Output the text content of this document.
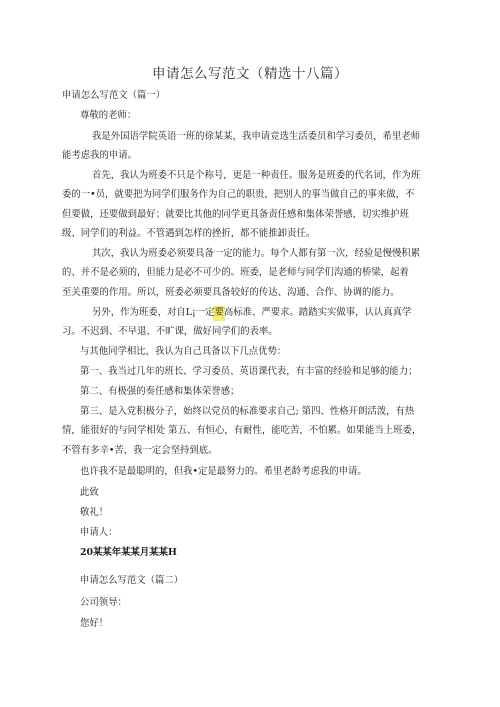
申请怎么写范文（精选十八篇）
申请怎么写范文（篇一）
尊敬的老师：
我是外国语学院英语一班的徐某某，我申请竞选生活委员和学习委员，希里老师
能考虑我的申请。
首先，我认为班委不只是个称号，更是一种责任。服务是班委的代名词，作为班
委的一•员，就要把为同学们服务作为自己的职贵，把别人的事当做自己的事来做，不
但要做，还要做到最好；就要比其他的同学更具备责任感和集体荣誉感，切实维护班
级、同学们的利益。不管遇到怎样的挫折，都不能推卸责任。
其次，我认为班委必须要具备一定的能力。每个人都有第一次，经验是慢慢积累
的、并不是必须的，但能力是必不可少的。班委，是老师与同学们沟通的桥梁，起着
至关重要的作用。所以，班委必须要具备较好的传达、沟通、合作、协调的能力。
另外，作为班委，对自L¡一定要高标准、严要求。踏踏实实做事，认认真真学
习。不迟到、不早退、不旷课，做好同学们的表率。
与其他同学相比，我认为自己具备以下几点优势：
第一、我当过几年的班长、学习委员、英语课代表，有丰富的经验和足够的能力；
第二、有极强的奏任感和集体荣誉感；
第三、是入党积极分子，始终以党员的标准要求自己; 第四、性格开朗活泼，有热
情，能很好的与同学相处 第五、有恒心，有耐性，能吃苦，不怕累。如果能当上班委，
不管有多辛•苦，我一定会坚持到底。
也许我不是最聪明的，但我•定是最努力的。希里老龄考虑我的申请。
此致
敬礼！
申请人：
20某某年某某月某某H
申请怎么写范文（篇二）
公司领导：
您好！
